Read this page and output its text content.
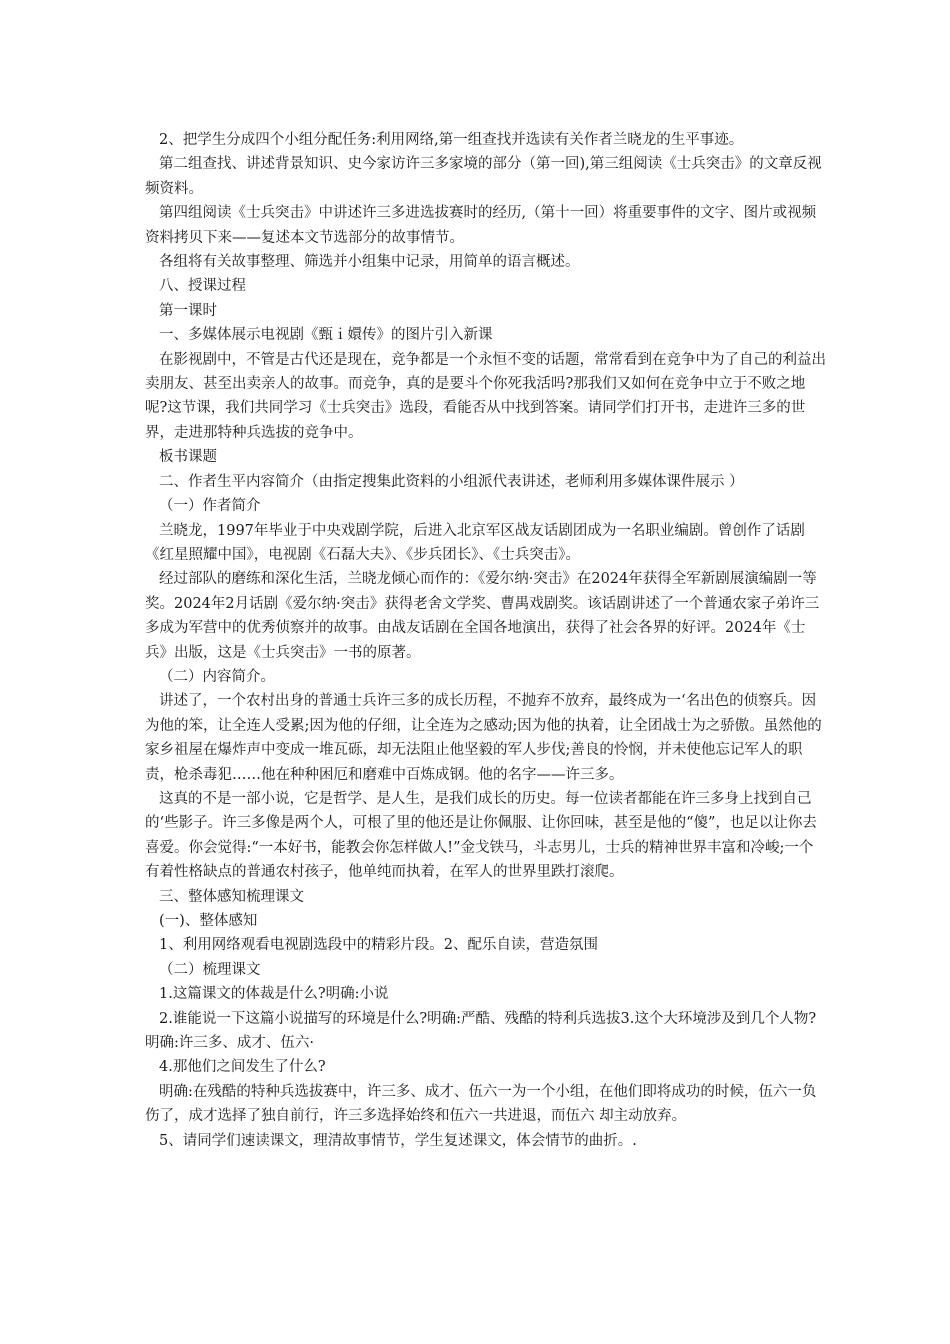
2、把学生分成四个小组分配任务:利用网络,第一组查找并选读有关作者兰晓龙的生平事迹。

第二组查找、讲述背景知识、史今家访许三多家境的部分（第一回),第三组阅读《士兵突击》的文章反视频资料。

第四组阅读《士兵突击》中讲述许三多进选拔赛时的经历,（第十一回）将重要事件的文字、图片或视频资料拷贝下来——复述本文节选部分的故事情节。

各组将有关故事整理、筛选并小组集中记录，用简单的语言概述。

八、授课过程

第一课时

一、多媒体展示电视剧《甄ｉ嬛传》的图片引入新课

在影视剧中，不管是古代还是现在，竞争都是一个永恒不变的话题，常常看到在竞争中为了自己的利益出卖朋友、甚至出卖亲人的故事。而竞争，真的是要斗个你死我活吗?那我们又如何在竞争中立于不败之地呢?这节课，我们共同学习《士兵突击》选段，看能否从中找到答案。请同学们打开书，走进许三多的世界，走进那特种兵选拔的竞争中。

板书课题

二、作者生平内容简介（由指定搜集此资料的小组派代表讲述，老师利用多媒体课件展示 ）

（一）作者简介

兰晓龙，1997年毕业于中央戏剧学院，后进入北京军区战友话剧团成为一名职业编剧。曾创作了话剧《红星照耀中国》，电视剧《石磊大夫》、《步兵团长》、《士兵突击》。

经过部队的磨练和深化生活，兰晓龙倾心而作的：《爱尔纳·突击》在2024年获得全军新剧展演编剧一等奖。2024年2月话剧《爱尔纳·突击》获得老舍文学奖、曹禺戏剧奖。该话剧讲述了一个普通农家子弟许三多成为军营中的优秀侦察并的故事。由战友话剧在全国各地演出，获得了社会各界的好评。2024年《士兵》出版，这是《士兵突击》一书的原著。

（二）内容简介。

讲述了，一个农村出身的普通士兵许三多的成长历程，不抛弃不放弃，最终成为一‘名出色的侦察兵。因为他的笨，让全连人受累;因为他的仔细，让全连为之感动;因为他的执着，让全团战士为之骄傲。虽然他的家乡祖屋在爆炸声中变成一堆瓦砾，却无法阻止他坚毅的军人步伐;善良的怜悯，并未使他忘记军人的职责，枪杀毒犯……他在种种困厄和磨难中百炼成钢。他的名字——许三多。

这真的不是一部小说，它是哲学、是人生，是我们成长的历史。每一位读者都能在许三多身上找到自己的‘些影子。许三多像是两个人，可根了里的他还是让你佩服、让你回味，甚至是他的“傻”，也足以让你去喜爱。你会觉得:“一本好书，能教会你怎样做人!”金戈铁马，斗志男儿，士兵的精神世界丰富和冷峻;一个有着性格缺点的普通农村孩子，他单纯而执着，在军人的世界里跌打滚爬。

三、整体感知梳理课文

(一)、整体感知

1、利用网络观看电视剧选段中的精彩片段。2、配乐自读，营造氛围

（二）梳理课文

1.这篇课文的体裁是什么?明确:小说

2.谁能说一下这篇小说描写的环境是什么?明确:严酷、残酷的特利兵选拔3.这个大环境涉及到几个人物?明确:许三多、成才、伍六·

4.那他们之间发生了什么?

明确:在残酷的特种兵选拔赛中，许三多、成才、伍六一为一个小组，在他们即将成功的时候，伍六一负伤了，成才选择了独自前行，许三多选择始终和伍六一共进退，而伍六 却主动放弃。

5、请同学们速读课文，理清故事情节，学生复述课文，体会情节的曲折。.
